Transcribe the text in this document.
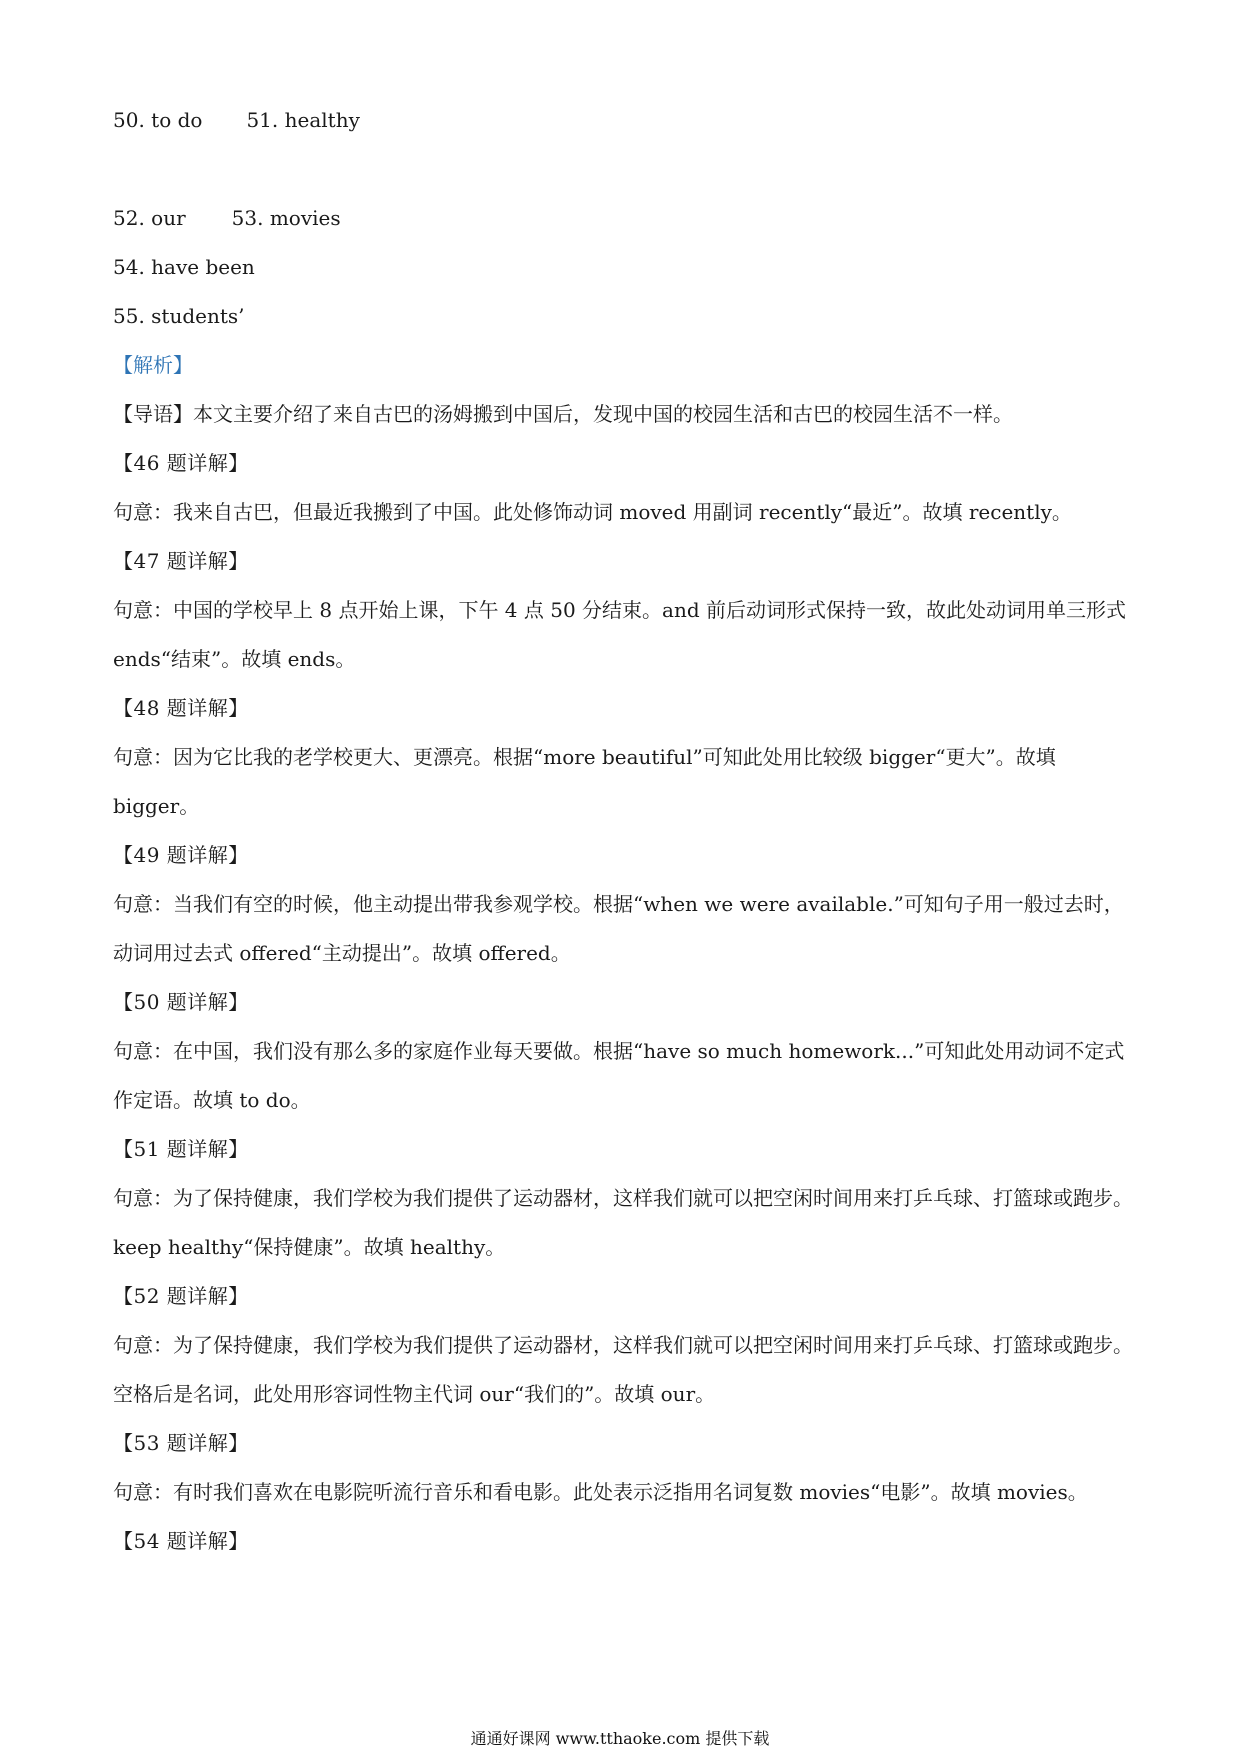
50. to do 51. healthy
52. our 53. movies
54. have been
55. students’
【解析】
【导语】本文主要介绍了来自古巴的汤姆搬到中国后，发现中国的校园生活和古巴的校园生活不一样。
【46 题详解】
句意：我来自古巴，但最近我搬到了中国。此处修饰动词 moved 用副词 recently“最近”。故填 recently。
【47 题详解】
句意：中国的学校早上 8 点开始上课，下午 4 点 50 分结束。and 前后动词形式保持一致，故此处动词用单三形式 ends“结束”。故填 ends。
【48 题详解】
句意：因为它比我的老学校更大、更漂亮。根据“more beautiful”可知此处用比较级 bigger“更大”。故填 bigger。
【49 题详解】
句意：当我们有空的时候，他主动提出带我参观学校。根据“when we were available.”可知句子用一般过去时，动词用过去式 offered“主动提出”。故填 offered。
【50 题详解】
句意：在中国，我们没有那么多的家庭作业每天要做。根据“have so much homework...”可知此处用动词不定式作定语。故填 to do。
【51 题详解】
句意：为了保持健康，我们学校为我们提供了运动器材，这样我们就可以把空闲时间用来打乒乓球、打篮球或跑步。keep healthy“保持健康”。故填 healthy。
【52 题详解】
句意：为了保持健康，我们学校为我们提供了运动器材，这样我们就可以把空闲时间用来打乒乓球、打篮球或跑步。空格后是名词，此处用形容词性物主代词 our“我们的”。故填 our。
【53 题详解】
句意：有时我们喜欢在电影院听流行音乐和看电影。此处表示泛指用名词复数 movies“电影”。故填 movies。
【54 题详解】
通通好课网 www.tthaoke.com 提供下载
